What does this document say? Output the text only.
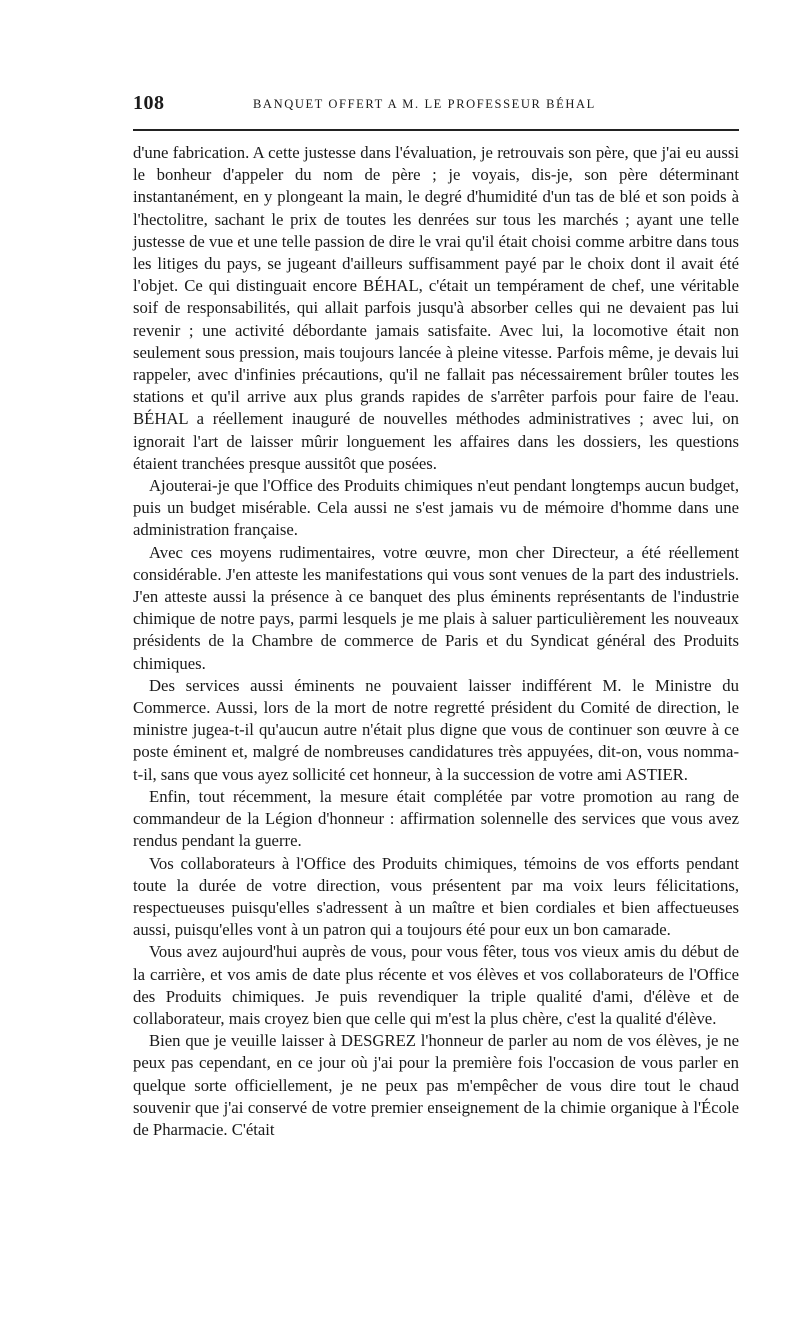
108	BANQUET OFFERT A M. LE PROFESSEUR BÉHAL

d'une fabrication. A cette justesse dans l'évaluation, je retrouvais son père, que j'ai eu aussi le bonheur d'appeler du nom de père ; je voyais, dis-je, son père déterminant instantanément, en y plongeant la main, le degré d'humidité d'un tas de blé et son poids à l'hectolitre, sachant le prix de toutes les denrées sur tous les marchés ; ayant une telle justesse de vue et une telle passion de dire le vrai qu'il était choisi comme arbitre dans tous les litiges du pays, se jugeant d'ailleurs suffisamment payé par le choix dont il avait été l'objet. Ce qui distinguait encore BÉHAL, c'était un tempérament de chef, une véritable soif de responsabilités, qui allait parfois jusqu'à absorber celles qui ne devaient pas lui revenir ; une activité débordante jamais satisfaite. Avec lui, la locomotive était non seulement sous pression, mais toujours lancée à pleine vitesse. Parfois même, je devais lui rappeler, avec d'infinies précautions, qu'il ne fallait pas nécessairement brûler toutes les stations et qu'il arrive aux plus grands rapides de s'arrêter parfois pour faire de l'eau. BÉHAL a réellement inauguré de nouvelles méthodes administratives ; avec lui, on ignorait l'art de laisser mûrir longuement les affaires dans les dossiers, les questions étaient tranchées presque aussitôt que posées.

Ajouterai-je que l'Office des Produits chimiques n'eut pendant longtemps aucun budget, puis un budget misérable. Cela aussi ne s'est jamais vu de mémoire d'homme dans une administration française.

Avec ces moyens rudimentaires, votre œuvre, mon cher Directeur, a été réellement considérable. J'en atteste les manifestations qui vous sont venues de la part des industriels. J'en atteste aussi la présence à ce banquet des plus éminents représentants de l'industrie chimique de notre pays, parmi lesquels je me plais à saluer particulièrement les nouveaux présidents de la Chambre de commerce de Paris et du Syndicat général des Produits chimiques.

Des services aussi éminents ne pouvaient laisser indifférent M. le Ministre du Commerce. Aussi, lors de la mort de notre regretté président du Comité de direction, le ministre jugea-t-il qu'aucun autre n'était plus digne que vous de continuer son œuvre à ce poste éminent et, malgré de nombreuses candidatures très appuyées, dit-on, vous nomma-t-il, sans que vous ayez sollicité cet honneur, à la succession de votre ami ASTIER.

Enfin, tout récemment, la mesure était complétée par votre promotion au rang de commandeur de la Légion d'honneur : affirmation solennelle des services que vous avez rendus pendant la guerre.

Vos collaborateurs à l'Office des Produits chimiques, témoins de vos efforts pendant toute la durée de votre direction, vous présentent par ma voix leurs félicitations, respectueuses puisqu'elles s'adressent à un maître et bien cordiales et bien affectueuses aussi, puisqu'elles vont à un patron qui a toujours été pour eux un bon camarade.

Vous avez aujourd'hui auprès de vous, pour vous fêter, tous vos vieux amis du début de la carrière, et vos amis de date plus récente et vos élèves et vos collaborateurs de l'Office des Produits chimiques. Je puis revendiquer la triple qualité d'ami, d'élève et de collaborateur, mais croyez bien que celle qui m'est la plus chère, c'est la qualité d'élève.

Bien que je veuille laisser à DESGREZ l'honneur de parler au nom de vos élèves, je ne peux pas cependant, en ce jour où j'ai pour la première fois l'occasion de vous parler en quelque sorte officiellement, je ne peux pas m'empêcher de vous dire tout le chaud souvenir que j'ai conservé de votre premier enseignement de la chimie organique à l'École de Pharmacie. C'était
